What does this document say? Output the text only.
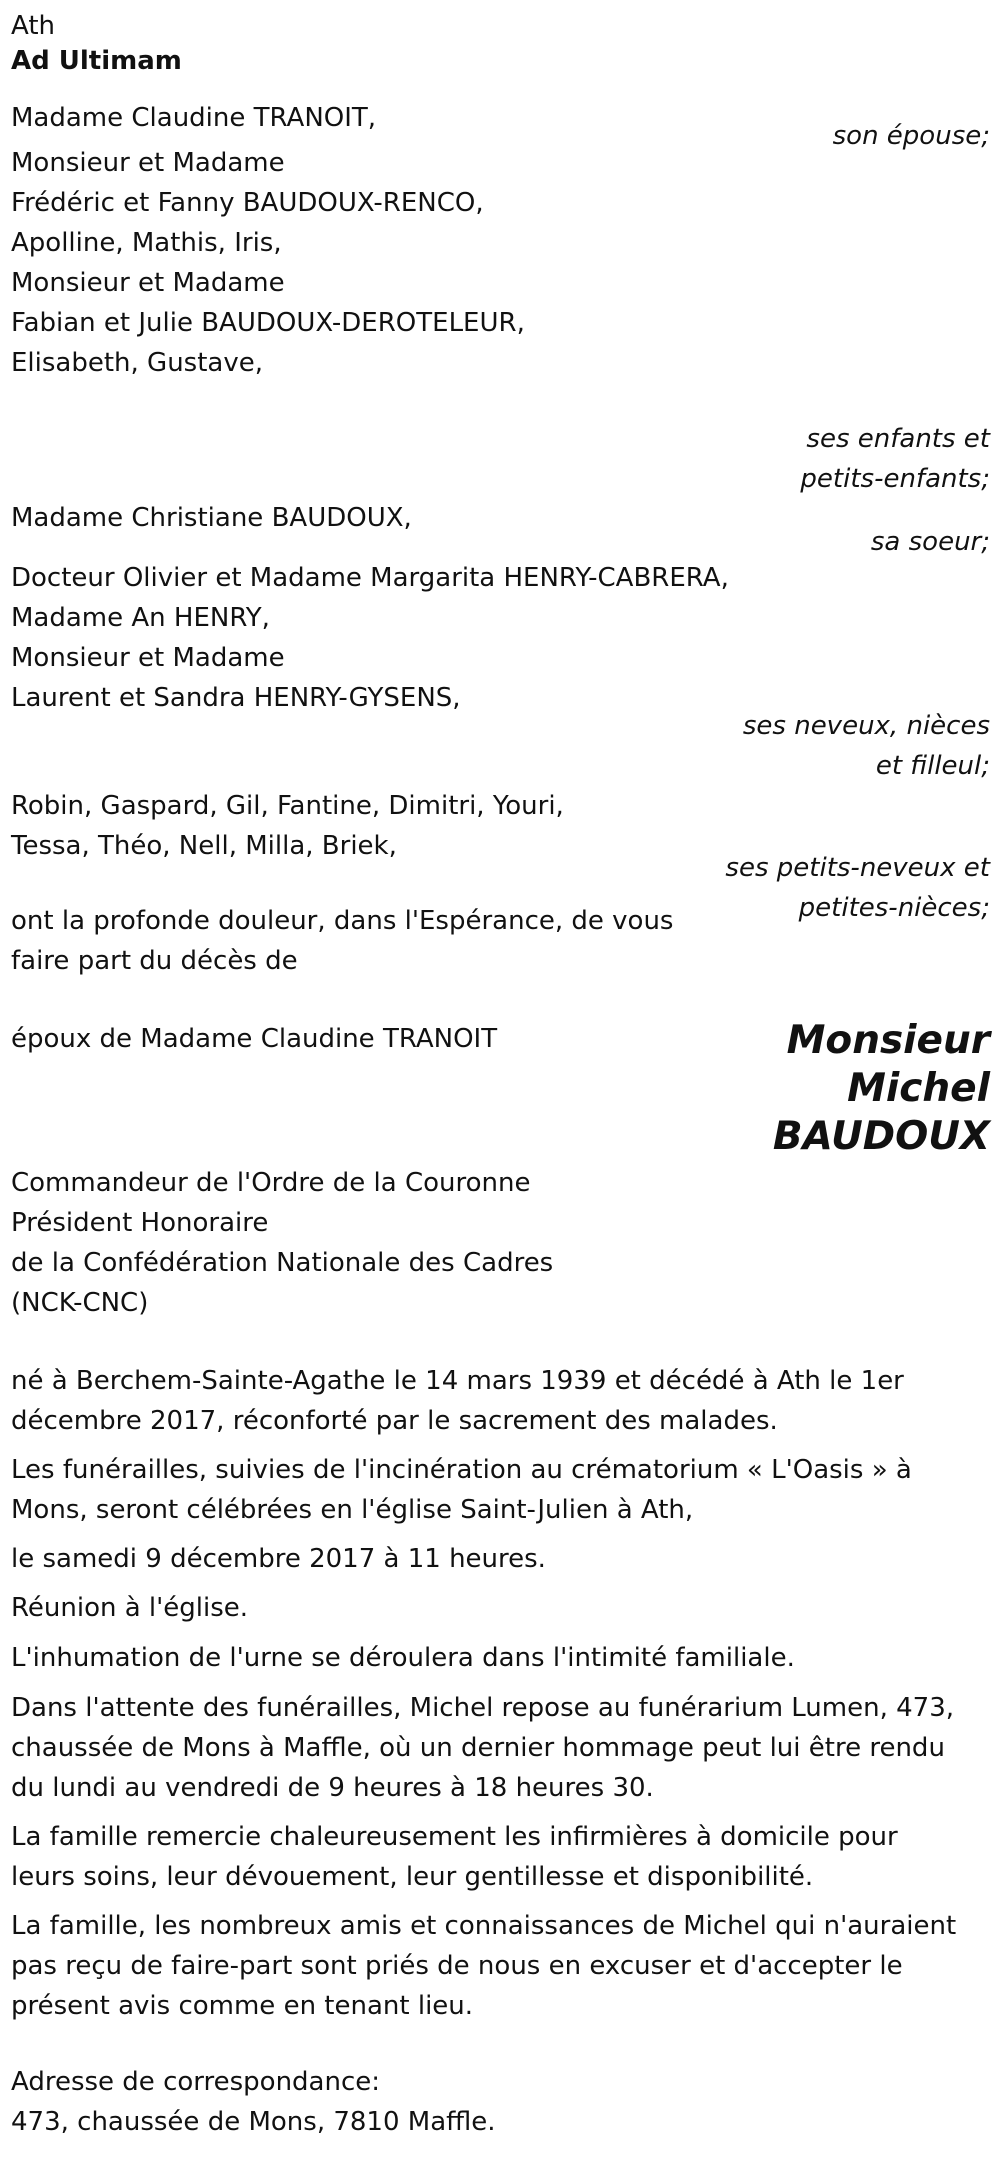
Ath

Ad Ultimam

Madame Claudine TRANOIT,

son épouse;

Monsieur et Madame
Frédéric et Fanny BAUDOUX-RENCO,
Apolline, Mathis, Iris,
Monsieur et Madame
Fabian et Julie BAUDOUX-DEROTELEUR,
Elisabeth, Gustave,
ses enfants et
petits-enfants;

Madame Christiane BAUDOUX,

sa soeur;

Docteur Olivier et Madame Margarita HENRY-CABRERA,
Madame An HENRY,
Monsieur et Madame
Laurent et Sandra HENRY-GYSENS,
ses neveux, nièces
et filleul;
Robin, Gaspard, Gil, Fantine, Dimitri, Youri,
Tessa, Théo, Nell, Milla, Briek,
ses petits-neveux et
petites-nièces;
ont la profonde douleur, dans l'Espérance, de vous
faire part du décès de

époux de Madame Claudine TRANOIT	Monsieur
Michel
BAUDOUX
Commandeur de l'Ordre de la Couronne
Président Honoraire
de la Confédération Nationale des Cadres
(NCK-CNC)
né à Berchem-Sainte-Agathe le 14 mars 1939 et décédé à Ath le 1er
décembre 2017, réconforté par le sacrement des malades.
Les funérailles, suivies de l'incinération au crématorium « L'Oasis » à
Mons, seront célébrées en l'église Saint-Julien à Ath,
le samedi 9 décembre 2017 à 11 heures.
Réunion à l'église.
L'inhumation de l'urne se déroulera dans l'intimité familiale.
Dans l'attente des funérailles, Michel repose au funérarium Lumen, 473,
chaussée de Mons à Maffle, où un dernier hommage peut lui être rendu
du lundi au vendredi de 9 heures à 18 heures 30.
La famille remercie chaleureusement les infirmières à domicile pour
leurs soins, leur dévouement, leur gentillesse et disponibilité.
La famille, les nombreux amis et connaissances de Michel qui n'auraient
pas reçu de faire-part sont priés de nous en excuser et d'accepter le
présent avis comme en tenant lieu.
Adresse de correspondance:
473, chaussée de Mons, 7810 Maffle.
